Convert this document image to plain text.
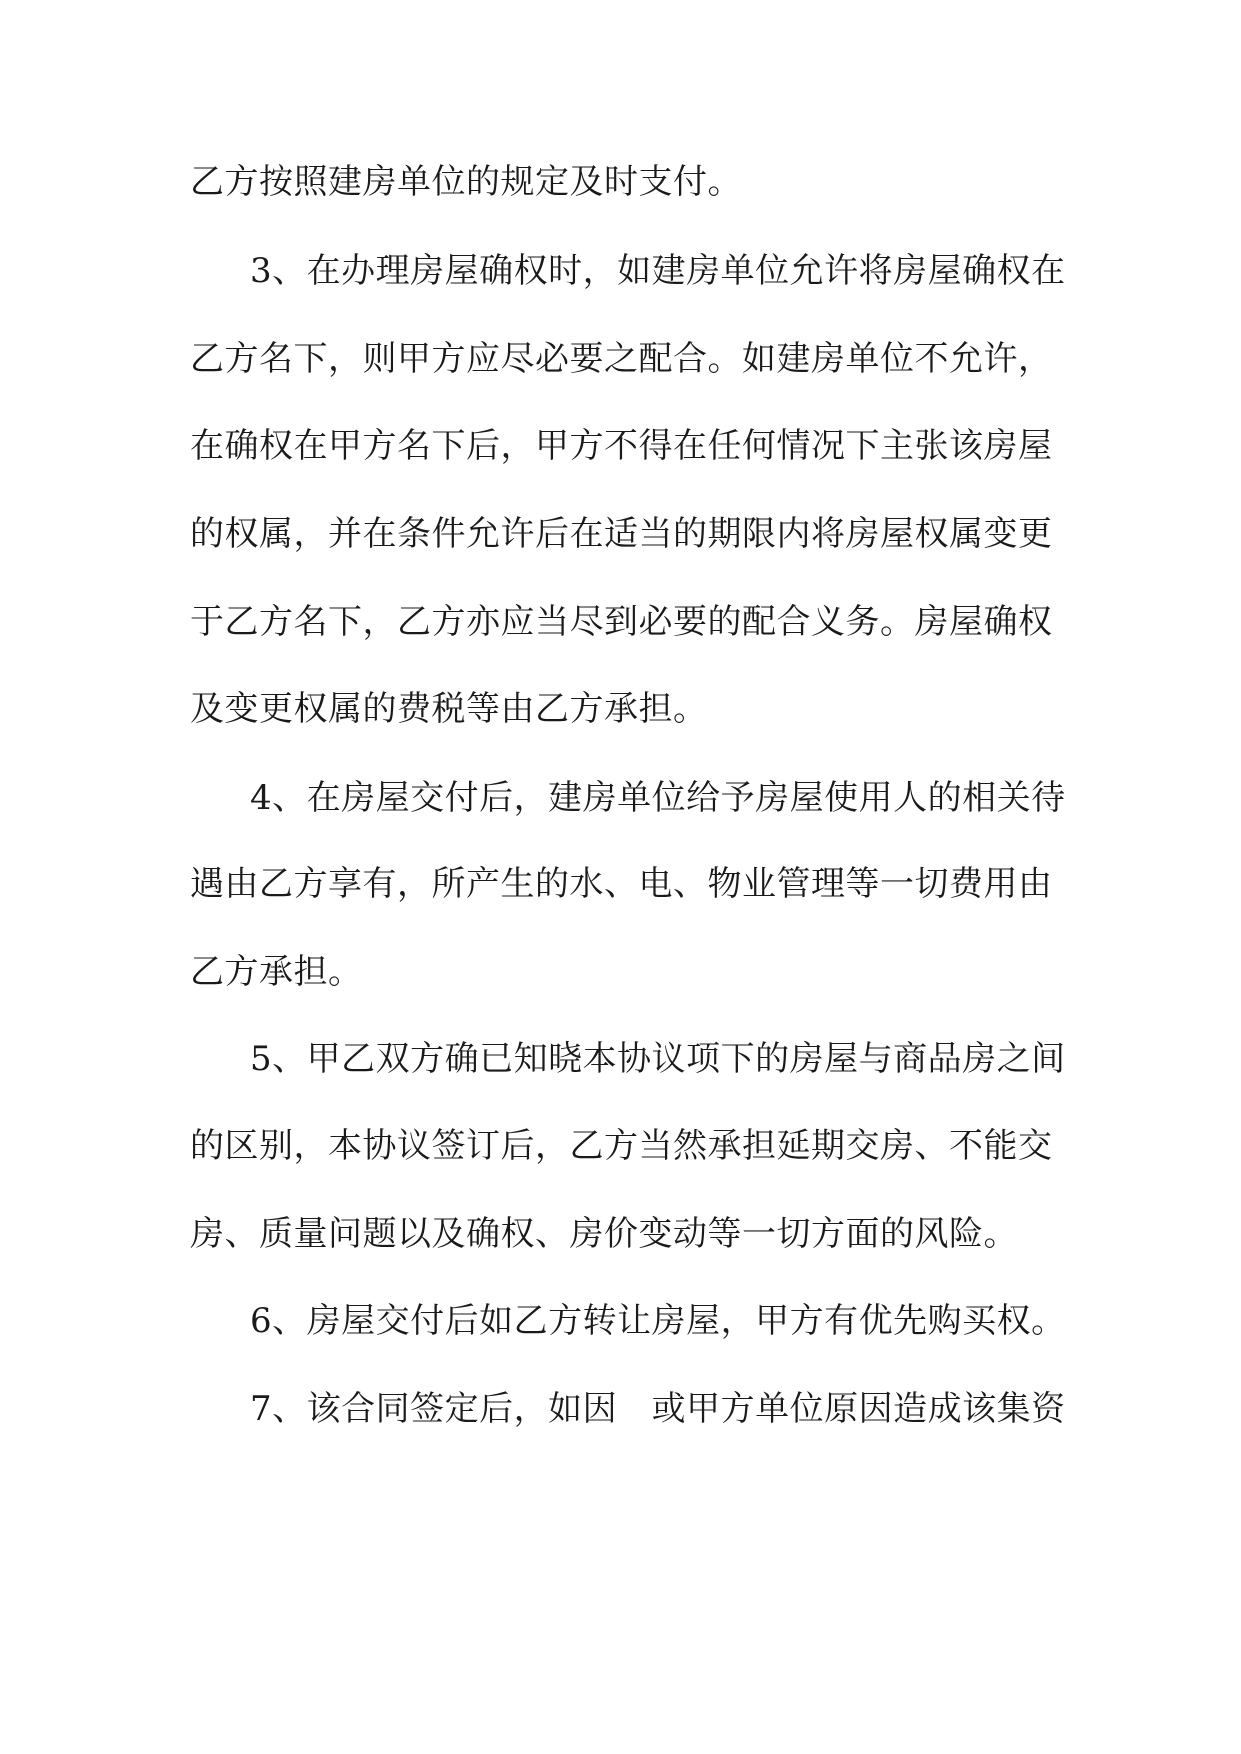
乙方按照建房单位的规定及时支付。

3、在办理房屋确权时，如建房单位允许将房屋确权在

乙方名下，则甲方应尽必要之配合。如建房单位不允许，

在确权在甲方名下后，甲方不得在任何情况下主张该房屋

的权属，并在条件允许后在适当的期限内将房屋权属变更

于乙方名下，乙方亦应当尽到必要的配合义务。房屋确权

及变更权属的费税等由乙方承担。

4、在房屋交付后，建房单位给予房屋使用人的相关待

遇由乙方享有，所产生的水、电、物业管理等一切费用由

乙方承担。

5、甲乙双方确已知晓本协议项下的房屋与商品房之间

的区别，本协议签订后，乙方当然承担延期交房、不能交

房、质量问题以及确权、房价变动等一切方面的风险。

6、房屋交付后如乙方转让房屋，甲方有优先购买权。

7、该合同签定后，如因　或甲方单位原因造成该集资
